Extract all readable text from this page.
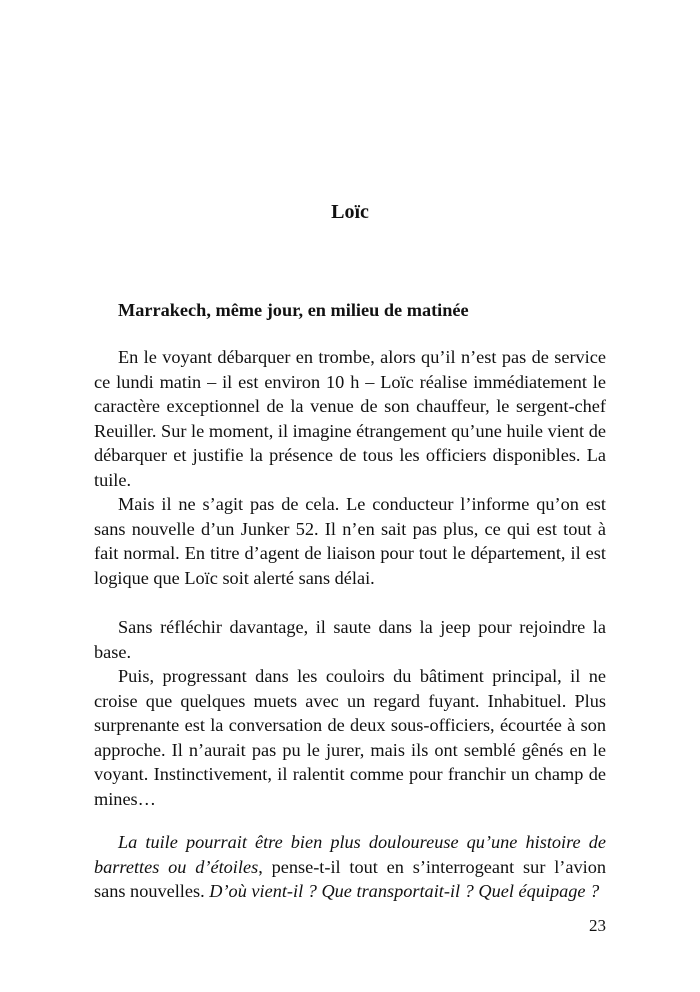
Loïc

Marrakech, même jour, en milieu de matinée

En le voyant débarquer en trombe, alors qu’il n’est pas de service ce lundi matin – il est environ 10 h – Loïc réalise immédiatement le caractère exceptionnel de la venue de son chauffeur, le sergent-chef Reuiller. Sur le moment, il imagine étrangement qu’une huile vient de débarquer et justifie la présence de tous les officiers disponibles. La tuile.

Mais il ne s’agit pas de cela. Le conducteur l’informe qu’on est sans nouvelle d’un Junker 52. Il n’en sait pas plus, ce qui est tout à fait normal. En titre d’agent de liaison pour tout le département, il est logique que Loïc soit alerté sans délai.

Sans réfléchir davantage, il saute dans la jeep pour rejoindre la base.

Puis, progressant dans les couloirs du bâtiment principal, il ne croise que quelques muets avec un regard fuyant. Inhabituel. Plus surprenante est la conversation de deux sous-officiers, écourtée à son approche. Il n’aurait pas pu le jurer, mais ils ont semblé gênés en le voyant. Instinctivement, il ralentit comme pour franchir un champ de mines…

La tuile pourrait être bien plus douloureuse qu’une histoire de barrettes ou d’étoiles, pense-t-il tout en s’interrogeant sur l’avion sans nouvelles. D’où vient-il ? Que transportait-il ? Quel équipage ?

23
